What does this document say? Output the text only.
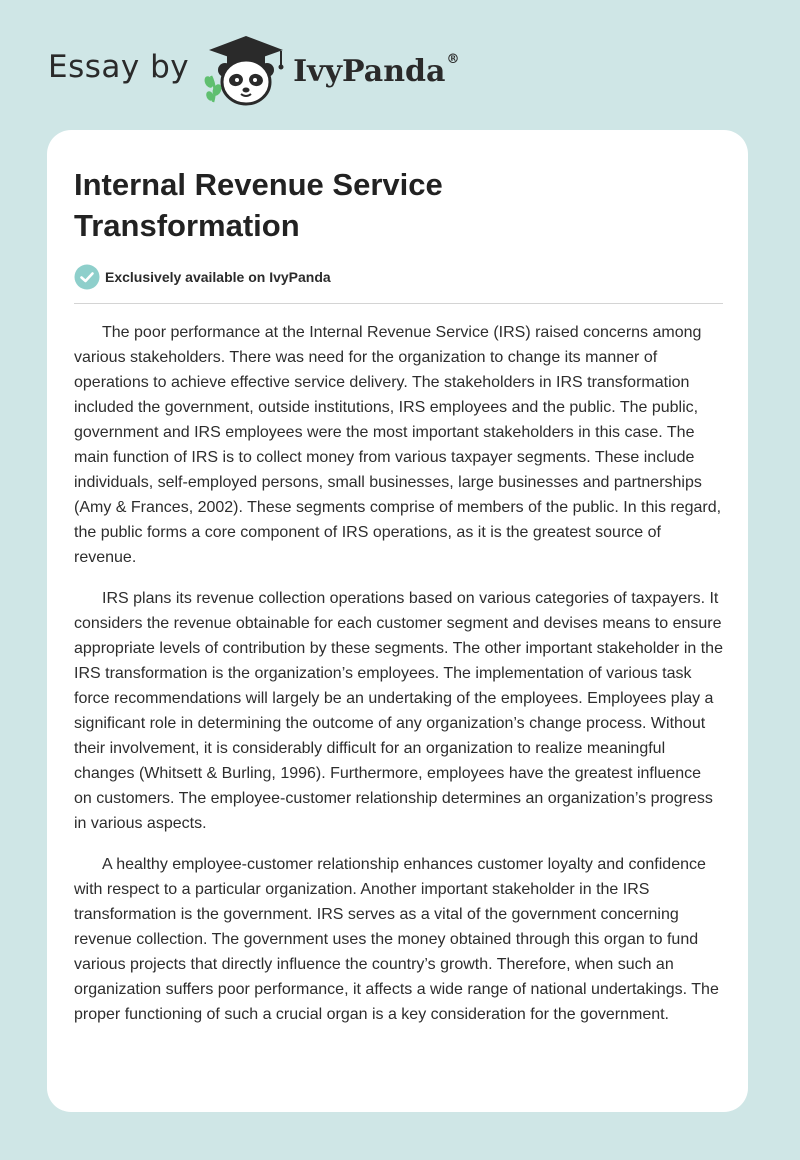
Essay by	IvyPanda®
Internal Revenue Service Transformation
Exclusively available on IvyPanda

The poor performance at the Internal Revenue Service (IRS) raised concerns among various stakeholders. There was need for the organization to change its manner of operations to achieve effective service delivery. The stakeholders in IRS transformation included the government, outside institutions, IRS employees and the public. The public, government and IRS employees were the most important stakeholders in this case. The main function of IRS is to collect money from various taxpayer segments. These include individuals, self-employed persons, small businesses, large businesses and partnerships (Amy & Frances, 2002). These segments comprise of members of the public. In this regard, the public forms a core component of IRS operations, as it is the greatest source of revenue.

IRS plans its revenue collection operations based on various categories of taxpayers. It considers the revenue obtainable for each customer segment and devises means to ensure appropriate levels of contribution by these segments. The other important stakeholder in the IRS transformation is the organization’s employees. The implementation of various task force recommendations will largely be an undertaking of the employees. Employees play a significant role in determining the outcome of any organization’s change process. Without their involvement, it is considerably difficult for an organization to realize meaningful changes (Whitsett & Burling, 1996). Furthermore, employees have the greatest influence on customers. The employee-customer relationship determines an organization’s progress in various aspects.

A healthy employee-customer relationship enhances customer loyalty and confidence with respect to a particular organization. Another important stakeholder in the IRS transformation is the government. IRS serves as a vital of the government concerning revenue collection. The government uses the money obtained through this organ to fund various projects that directly influence the country’s growth. Therefore, when such an organization suffers poor performance, it affects a wide range of national undertakings. The proper functioning of such a crucial organ is a key consideration for the government.
